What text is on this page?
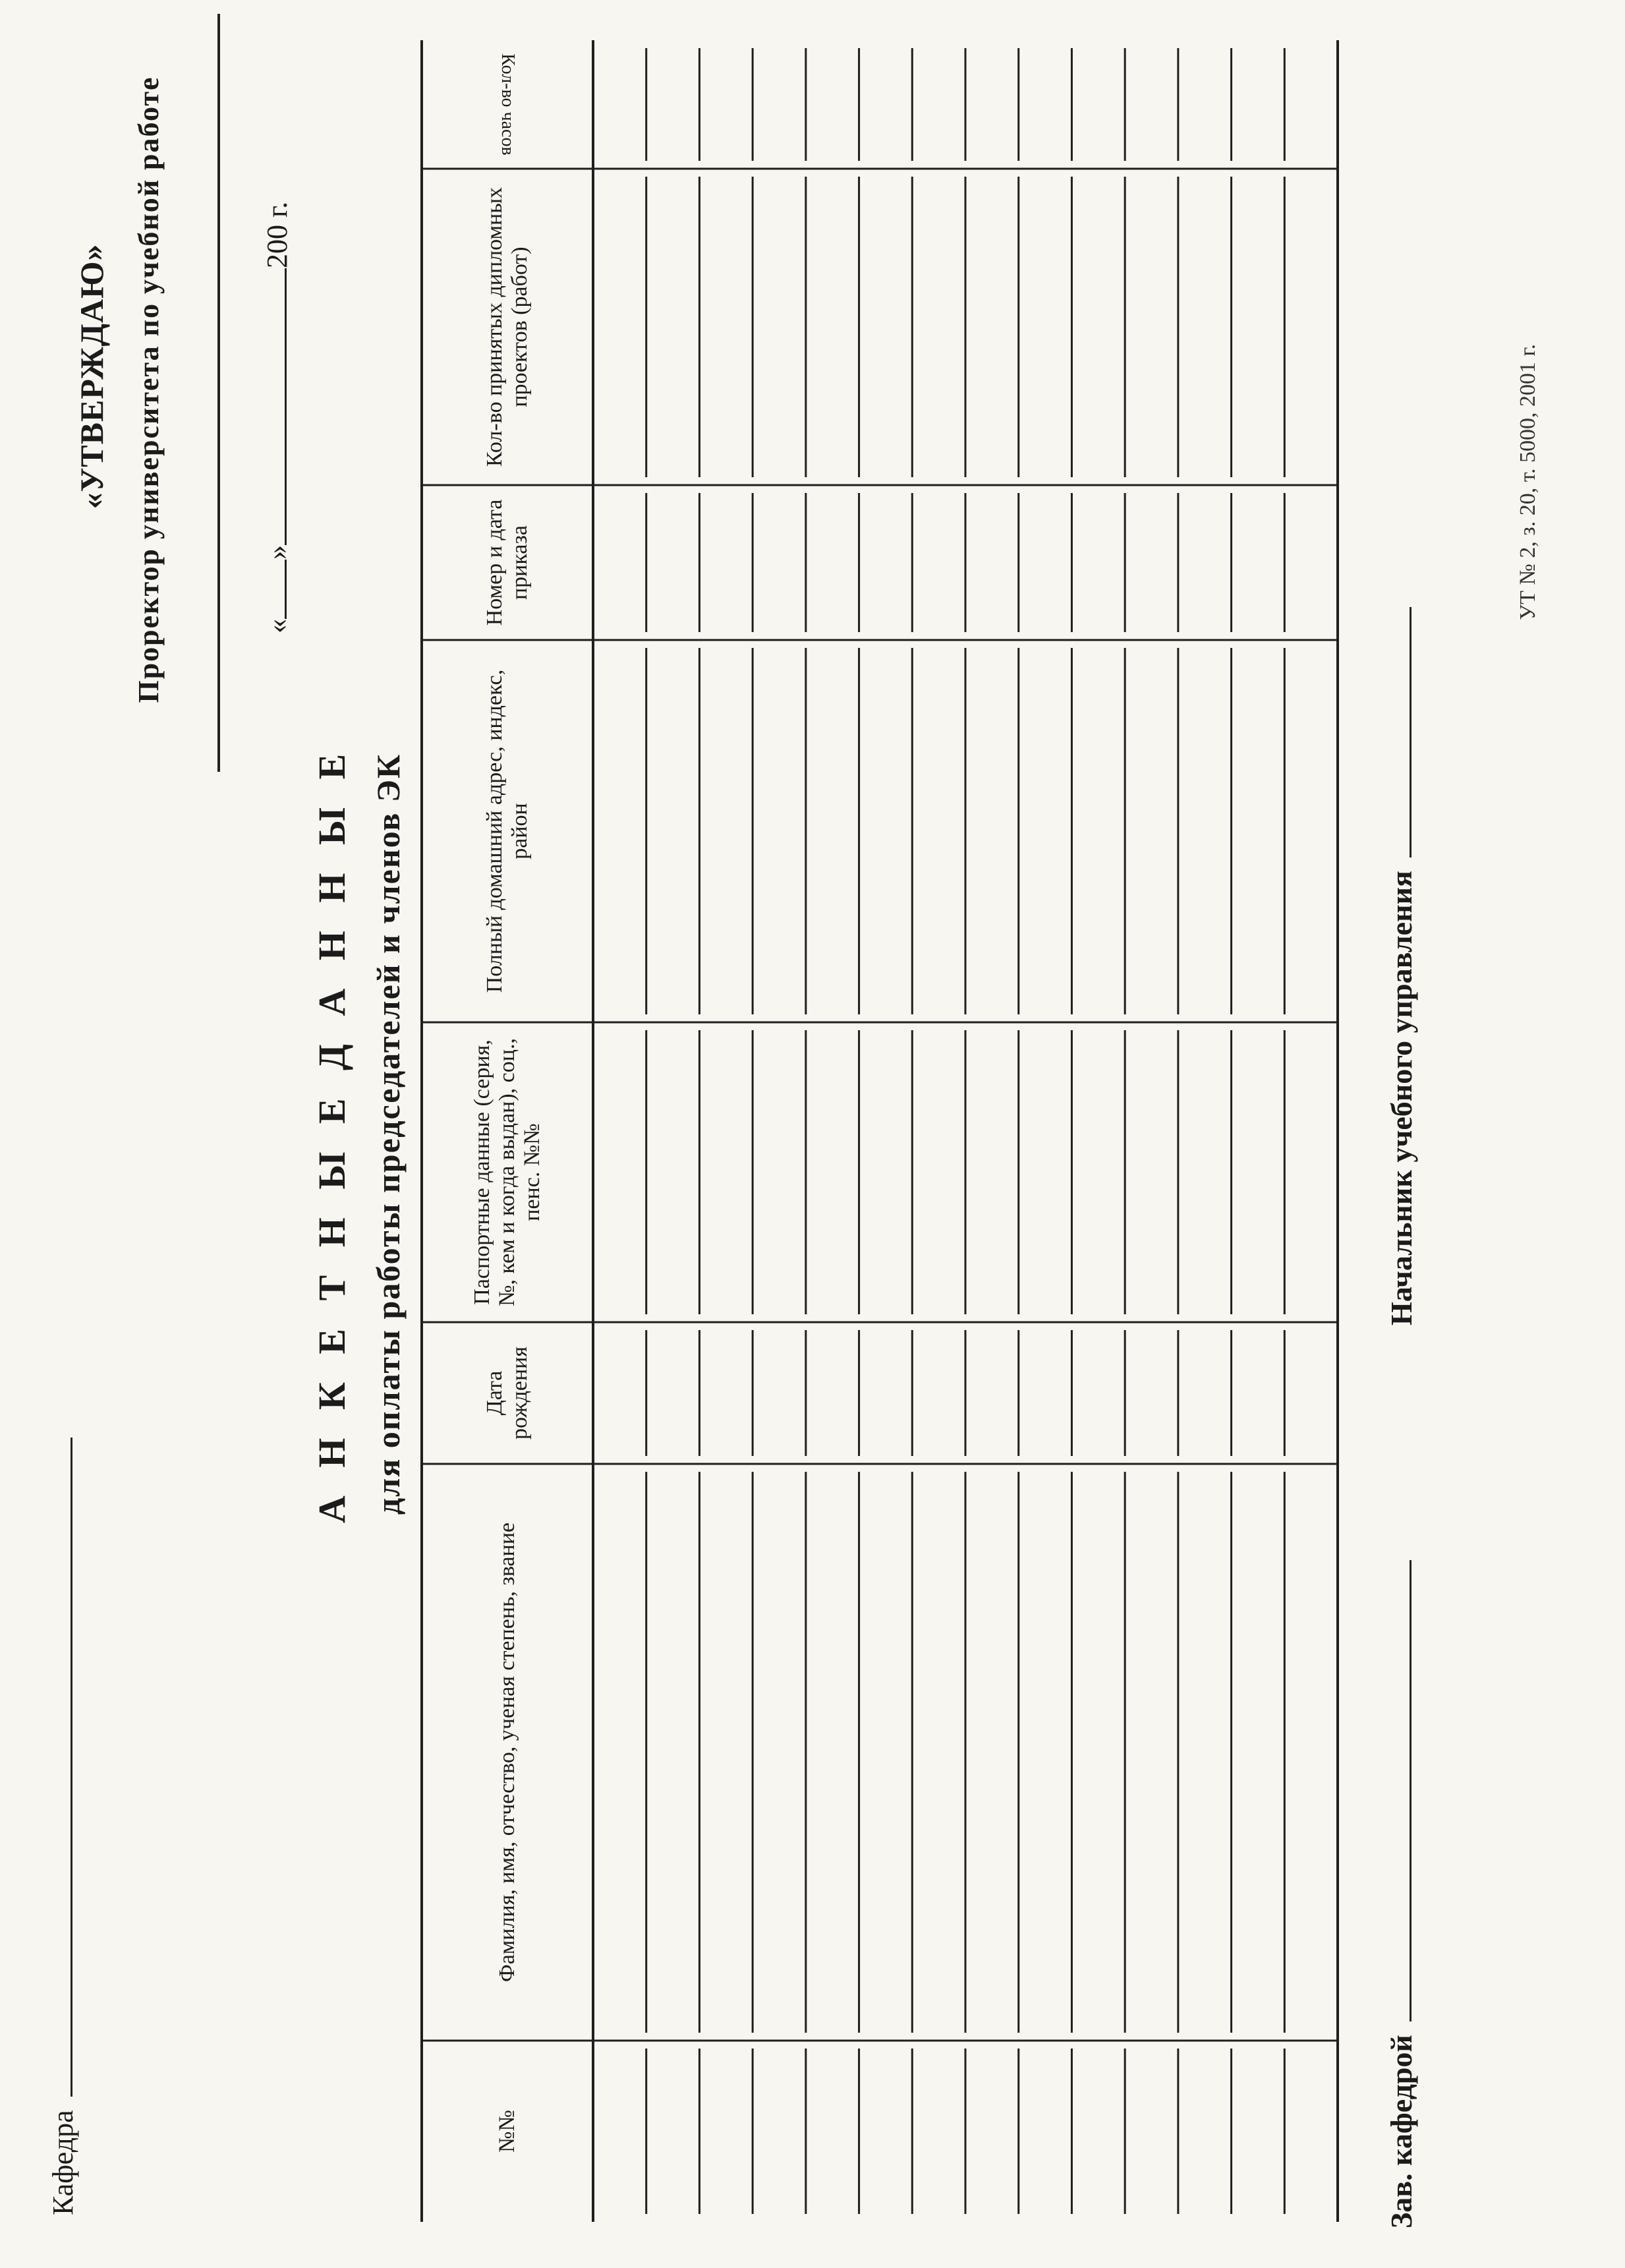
Кафедра
«УТВЕРЖДАЮ» Проректор университета по учебной работе	«»200 г.
А Н К Е Т Н Ы Е Д А Н Н Ы Е для оплаты работы председателей и членов ЭК
№№
Фамилия, имя, отчество, ученая степень, звание
Дата рождения
Паспортные данные (серия, №, кем и когда выдан), соц., пенс. №№
Полный домашний адрес, индекс, район
Номер и дата приказа
Кол-во принятых дипломных проектов (работ)
Кол-во часов
Зав. кафедрой
Начальник учебного управления
УТ № 2, з. 20, т. 5000, 2001 г.
